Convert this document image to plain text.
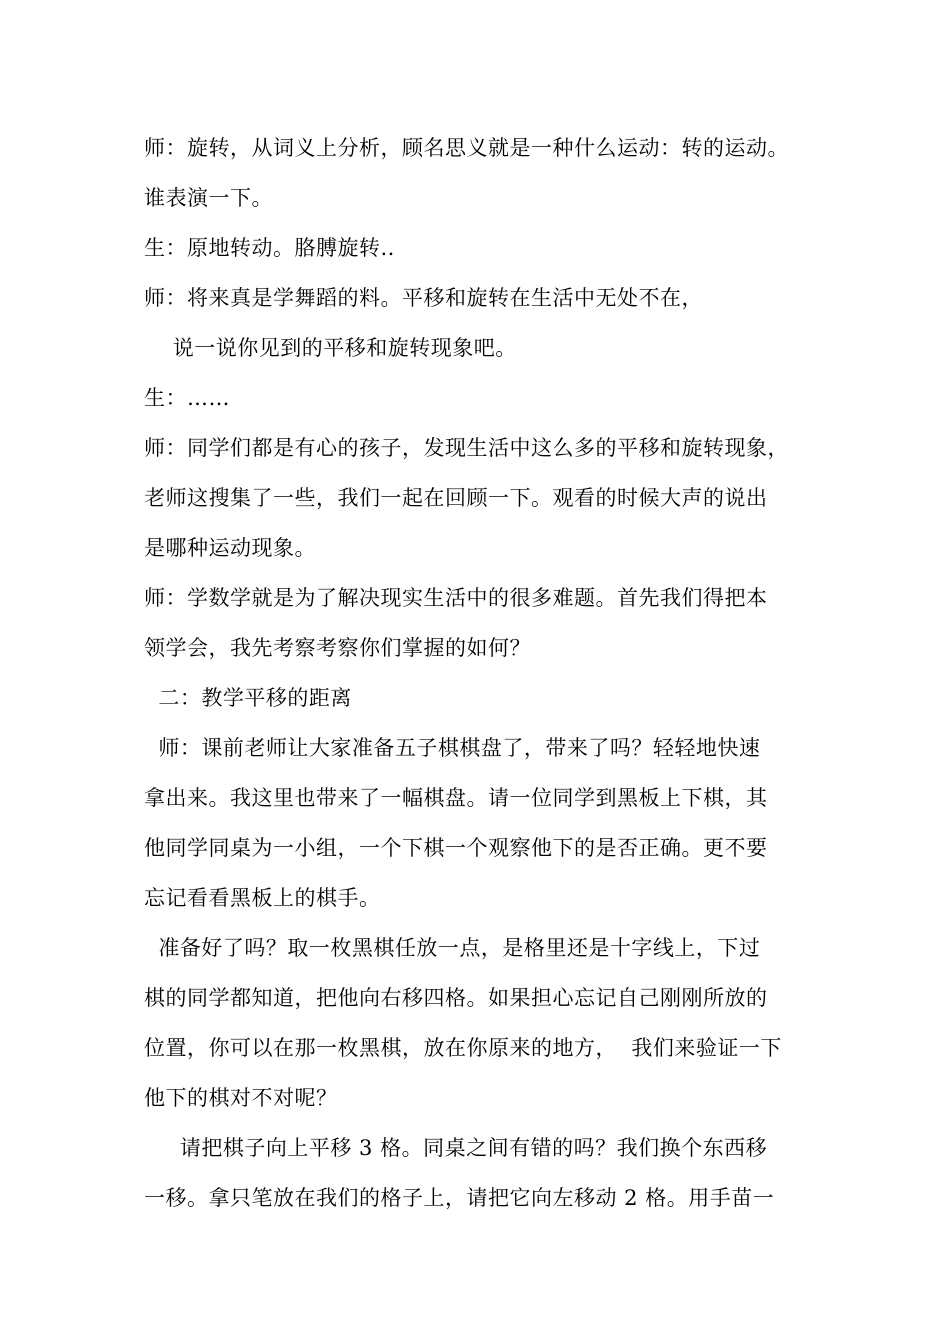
师：旋转，从词义上分析，顾名思义就是一种什么运动：转的运动。
谁表演一下。
生：原地转动。胳膊旋转..
师：将来真是学舞蹈的料。平移和旋转在生活中无处不在，
说一说你见到的平移和旋转现象吧。
生：……
师：同学们都是有心的孩子，发现生活中这么多的平移和旋转现象，
老师这搜集了一些，我们一起在回顾一下。观看的时候大声的说出
是哪种运动现象。
师：学数学就是为了解决现实生活中的很多难题。首先我们得把本
领学会，我先考察考察你们掌握的如何？
二：教学平移的距离
师：课前老师让大家准备五子棋棋盘了，带来了吗？轻轻地快速
拿出来。我这里也带来了一幅棋盘。请一位同学到黑板上下棋，其
他同学同桌为一小组，一个下棋一个观察他下的是否正确。更不要
忘记看看黑板上的棋手。
准备好了吗？取一枚黑棋任放一点，是格里还是十字线上，下过
棋的同学都知道，把他向右移四格。如果担心忘记自己刚刚所放的
位置，你可以在那一枚黑棋，放在你原来的地方，  我们来验证一下
他下的棋对不对呢？
请把棋子向上平移 3 格。同桌之间有错的吗？我们换个东西移
一移。拿只笔放在我们的格子上，请把它向左移动 2 格。用手苗一
